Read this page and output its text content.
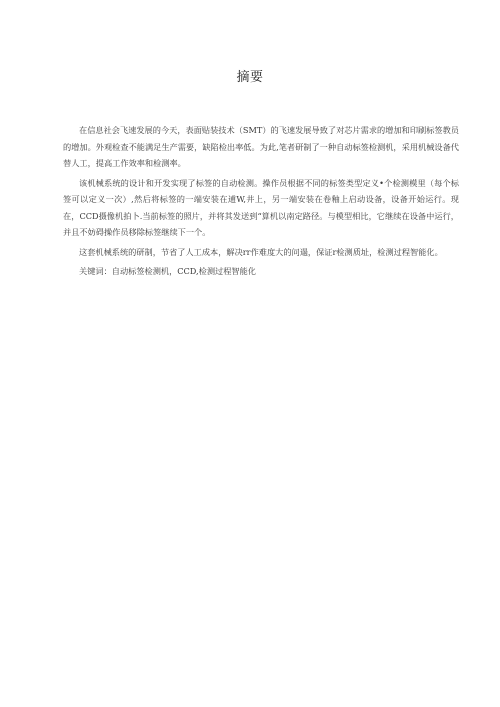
摘要

在信息社会飞速发展的今天，表面贴装技术（SMT）的飞速发展导致了对芯片需求的增加和印刷标签教员的增加。外观检查不能满足生产需要，缺陷检出率低。为此,笔者研制了一种自动标签检测机，采用机械设备代替人工，提高工作效率和检测率。

该机械系统的设计和开发实现了标签的自动检测。操作员根据不同的标签类型定义•个检测模里（每个标签可以定义一次）,然后将标签的一端安装在逋W,井上，另一端安装在卷釉上启动设备，设备开始运行。现在，CCD摄像机拍卜.当前标签的照片，并将其发送到“算机以南定路径。与模型相比，它继续在设备中运行，并且不妨碍操作员移除标签继续下一个。

这套机械系统的研制，节省了人工成本，解决rr作难度大的问遢，保证r检测质址，检测过程智能化。

关键词：自动标签检测机，CCD,检测过程智能化
